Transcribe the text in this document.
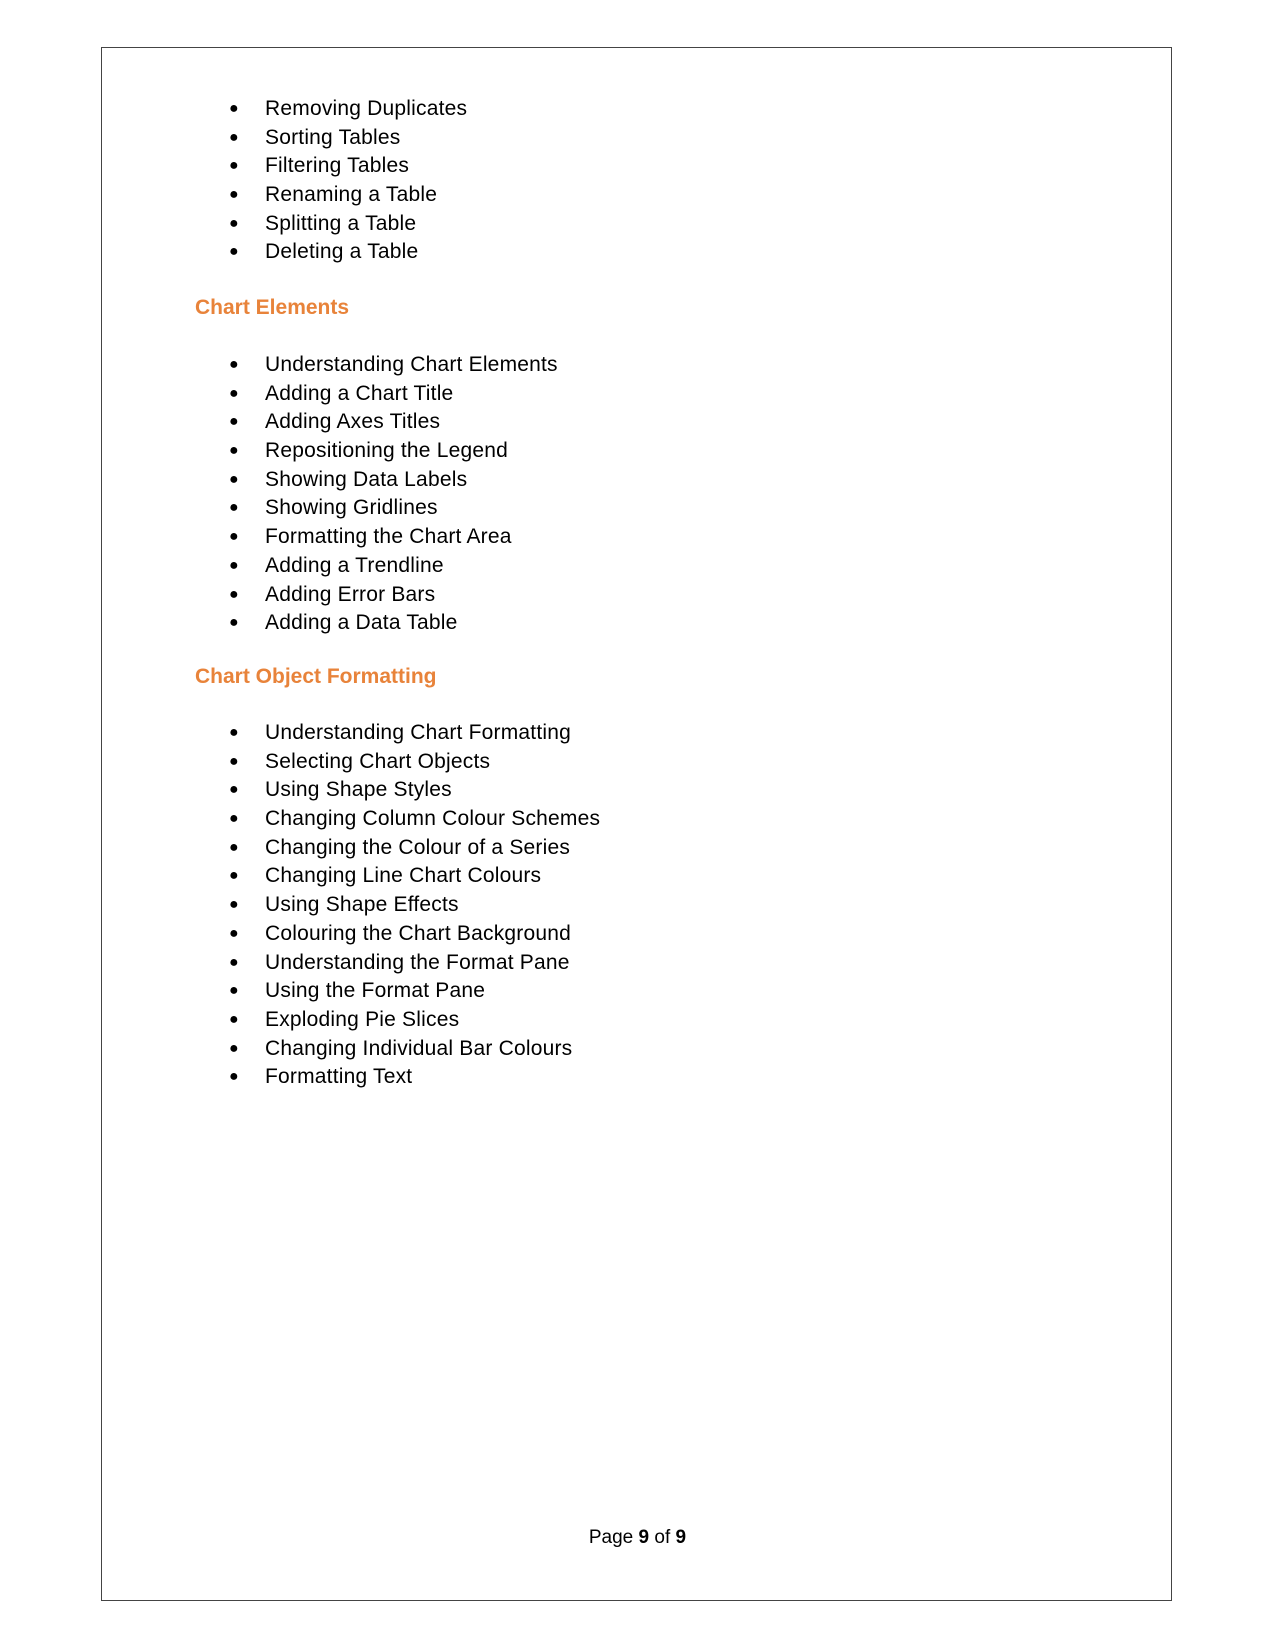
● Removing Duplicates
● Sorting Tables
● Filtering Tables
● Renaming a Table
● Splitting a Table
● Deleting a Table
Chart Elements
● Understanding Chart Elements
● Adding a Chart Title
● Adding Axes Titles
● Repositioning the Legend
● Showing Data Labels
● Showing Gridlines
● Formatting the Chart Area
● Adding a Trendline
● Adding Error Bars
● Adding a Data Table
Chart Object Formatting
● Understanding Chart Formatting
● Selecting Chart Objects
● Using Shape Styles
● Changing Column Colour Schemes
● Changing the Colour of a Series
● Changing Line Chart Colours
● Using Shape Effects
● Colouring the Chart Background
● Understanding the Format Pane
● Using the Format Pane
● Exploding Pie Slices
● Changing Individual Bar Colours
● Formatting Text
Page 9 of 9
